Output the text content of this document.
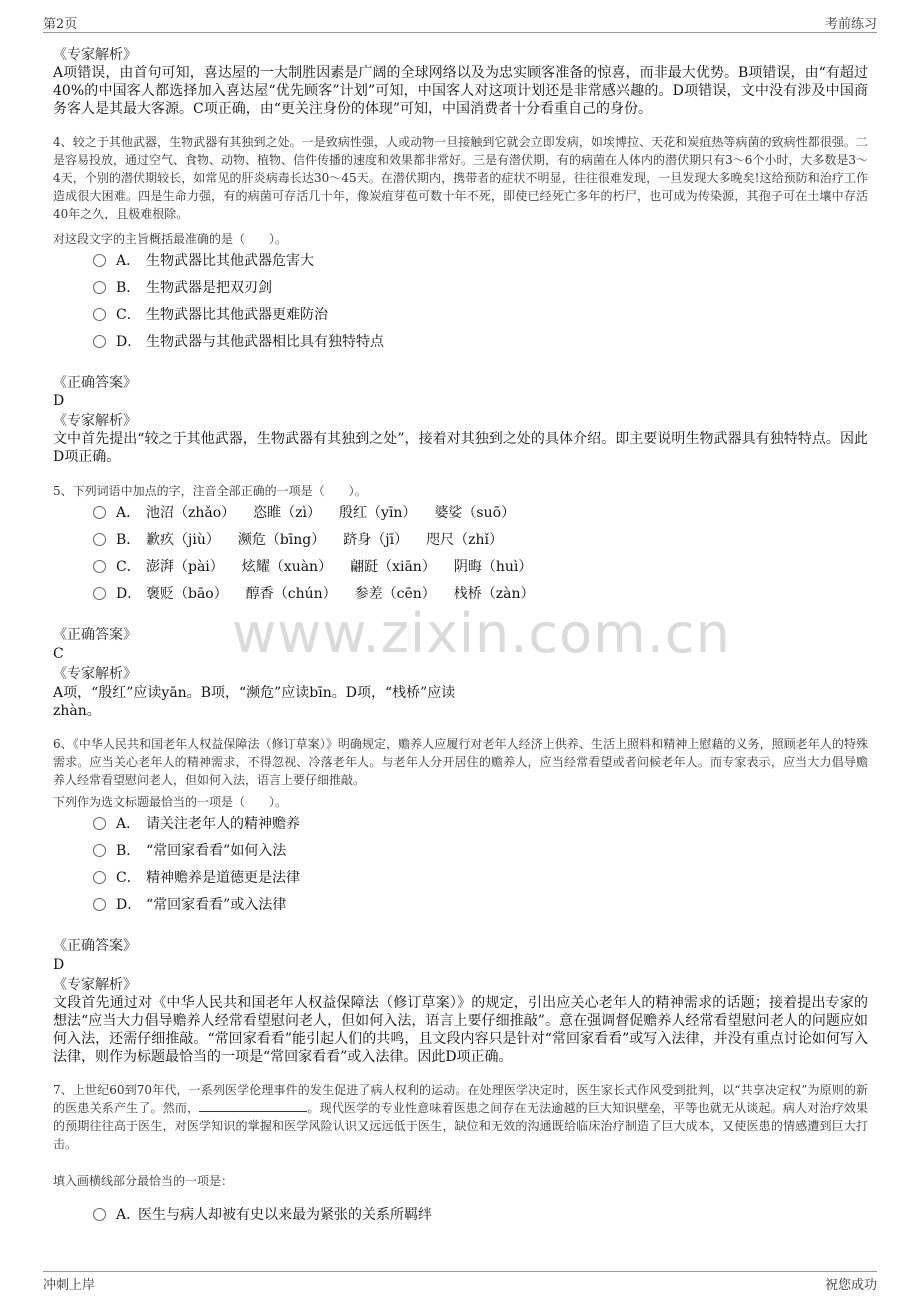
第2页	考前练习
www.zixin.com.cn
《专家解析》
A项错误，由首句可知，喜达屋的一大制胜因素是广阔的全球网络以及为忠实顾客准备的惊喜，而非最大优势。B项错误，由“有超过40%的中国客人都选择加入喜达屋“优先顾客”计划”可知，中国客人对这项计划还是非常感兴趣的。D项错误，文中没有涉及中国商务客人是其最大客源。C项正确，由“更关注身份的体现”可知，中国消费者十分看重自己的身份。
4、较之于其他武器，生物武器有其独到之处。一是致病性强，人或动物一旦接触到它就会立即发病，如埃博拉、天花和炭疽热等病菌的致病性都很强。二是容易投放，通过空气、食物、动物、植物、信件传播的速度和效果都非常好。三是有潜伏期，有的病菌在人体内的潜伏期只有3～6个小时，大多数是3～4天，个别的潜伏期较长，如常见的肝炎病毒长达30～45天。在潜伏期内，携带者的症状不明显，往往很难发现，一旦发现大多晚矣!这给预防和治疗工作造成很大困难。四是生命力强，有的病菌可存活几十年，像炭疽芽苞可数十年不死，即使已经死亡多年的朽尸，也可成为传染源，其孢子可在土壤中存活40年之久，且极难根除。
对这段文字的主旨概括最准确的是（　　）。
A． 生物武器比其他武器危害大
B． 生物武器是把双刃剑
C． 生物武器比其他武器更难防治
D． 生物武器与其他武器相比具有独特特点
《正确答案》
D
《专家解析》
文中首先提出“较之于其他武器，生物武器有其独到之处”，接着对其独到之处的具体介绍。即主要说明生物武器具有独特特点。因此D项正确。
5、下列词语中加点的字，注音全部正确的一项是（　　）。
A． 池沼（zhǎo） 恣睢（zì） 殷红（yīn） 婆娑（suō）
B． 歉疚（jiù） 濒危（bīng） 跻身（jī） 咫尺（zhǐ）
C． 澎湃（pài） 炫耀（xuàn） 翩跹（xiān） 阴晦（huì）
D． 褒贬（bāo） 醇香（chún） 参差（cēn） 栈桥（zàn）
《正确答案》
C
《专家解析》
A项，“殷红”应读yān。B项，“濒危”应读bīn。D项，“栈桥”应读
zhàn。
6、《中华人民共和国老年人权益保障法（修订草案）》明确规定，赡养人应履行对老年人经济上供养、生活上照料和精神上慰藉的义务，照顾老年人的特殊需求。应当关心老年人的精神需求，不得忽视、冷落老年人。与老年人分开居住的赡养人，应当经常看望或者问候老年人。而专家表示，应当大力倡导赡养人经常看望慰问老人，但如何入法，语言上要仔细推敲。
下列作为选文标题最恰当的一项是（　　）。
A． 请关注老年人的精神赡养
B． “常回家看看”如何入法
C． 精神赡养是道德更是法律
D． “常回家看看”或入法律
《正确答案》
D
《专家解析》
文段首先通过对《中华人民共和国老年人权益保障法（修订草案）》的规定，引出应关心老年人的精神需求的话题；接着提出专家的想法“应当大力倡导赡养人经常看望慰问老人，但如何入法，语言上要仔细推敲”。意在强调督促赡养人经常看望慰问老人的问题应如何入法，还需仔细推敲。“常回家看看”能引起人们的共鸣，且文段内容只是针对“常回家看看”或写入法律，并没有重点讨论如何写入法律，则作为标题最恰当的一项是“常回家看看”或入法律。因此D项正确。
7、上世纪60到70年代，一系列医学伦理事件的发生促进了病人权利的运动。在处理医学决定时，医生家长式作风受到批判，以“共享决定权”为原则的新的医患关系产生了。然而，	。现代医学的专业性意味着医患之间存在无法逾越的巨大知识壁垒，平等也就无从谈起。病人对治疗效果的预期往往高于医生，对医学知识的掌握和医学风险认识又远远低于医生，缺位和无效的沟通既给临床治疗制造了巨大成本，又使医患的情感遭到巨大打击。
填入画横线部分最恰当的一项是：
A．医生与病人却被有史以来最为紧张的关系所羁绊
冲刺上岸	祝您成功
